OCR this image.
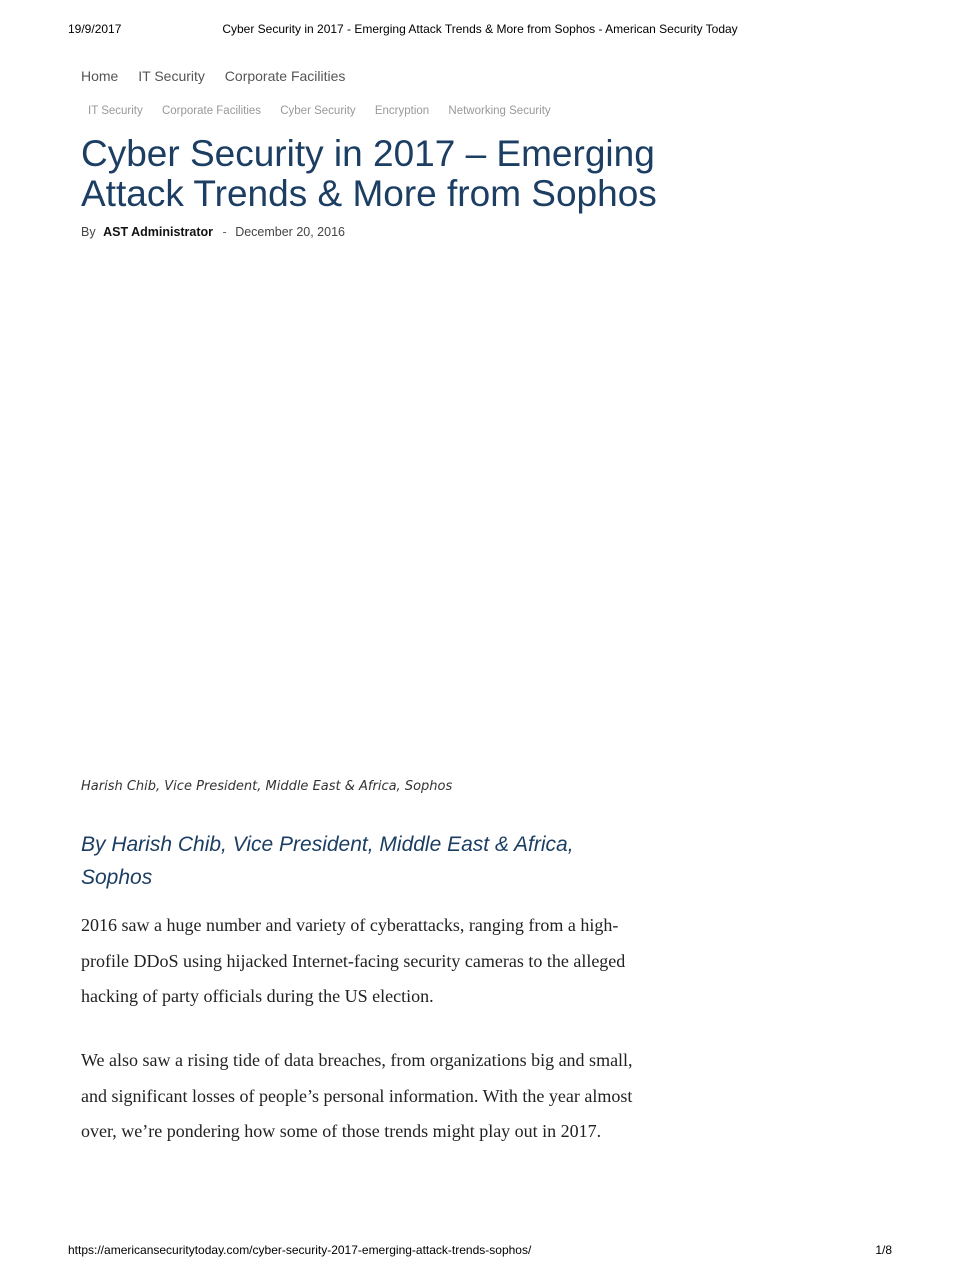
19/9/2017	Cyber Security in 2017 - Emerging Attack Trends & More from Sophos - American Security Today
Home IT Security Corporate Facilities
IT Security Corporate Facilities Cyber Security Encryption Networking Security
Cyber Security in 2017 – Emerging Attack Trends & More from Sophos
By AST Administrator - December 20, 2016
Harish Chib, Vice President, Middle East & Africa, Sophos
By Harish Chib, Vice President, Middle East & Africa, Sophos

2016 saw a huge number and variety of cyberattacks, ranging from a high-profile DDoS using hijacked Internet-facing security cameras to the alleged hacking of party officials during the US election.

We also saw a rising tide of data breaches, from organizations big and small, and significant losses of people’s personal information. With the year almost over, we’re pondering how some of those trends might play out in 2017.

https://americansecuritytoday.com/cyber-security-2017-emerging-attack-trends-sophos/	1/8
